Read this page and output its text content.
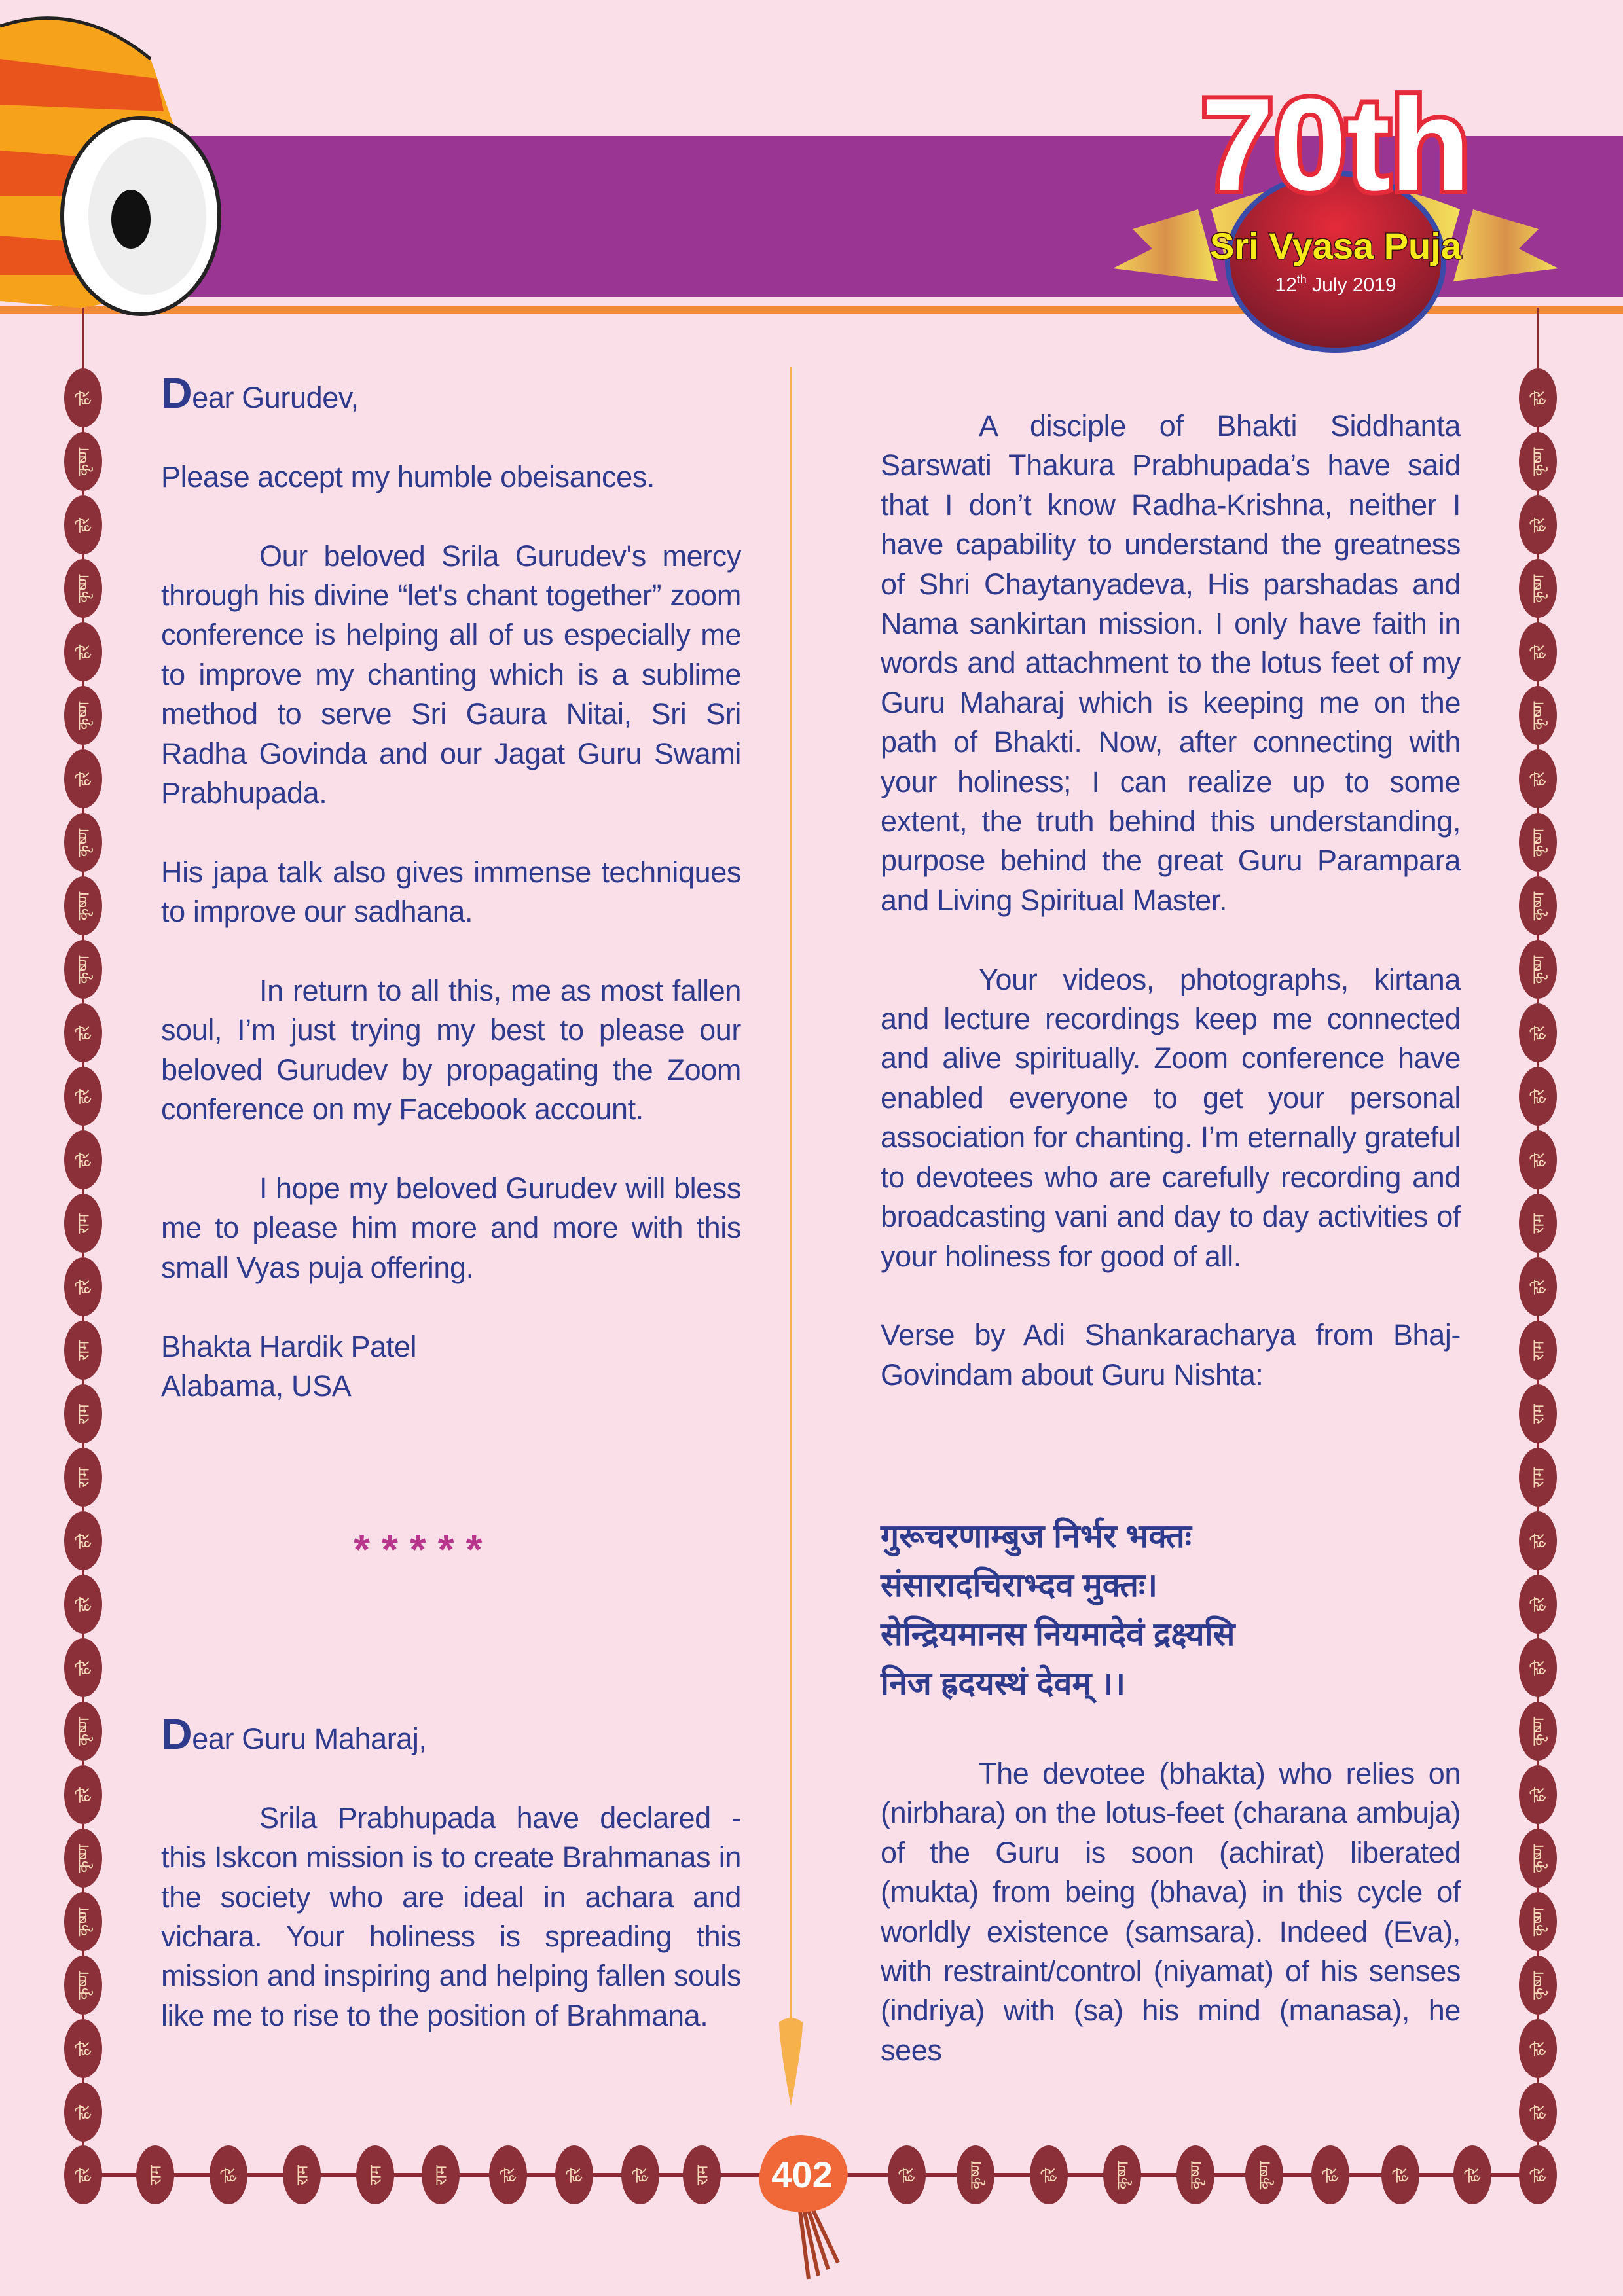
70th
Sri Vyasa Puja
12th July 2019
हरे	हरे
कृष्ण	कृष्ण
हरे	हरे
कृष्ण	कृष्ण
हरे	हरे
कृष्ण	कृष्ण
हरे	हरे
कृष्ण	कृष्ण
कृष्ण	कृष्ण
कृष्ण	कृष्ण
हरे	हरे
हरे	हरे
हरे	हरे
राम	राम
हरे	हरे
राम	राम
राम	राम
राम	राम
हरे	हरे
हरे	हरे
हरे	हरे
कृष्ण	कृष्ण
हरे	हरे
कृष्ण	कृष्ण
कृष्ण	कृष्ण
कृष्ण	कृष्ण
हरे	हरे
हरे	हरे
हरे	राम	हरे	राम	राम	राम	हरे	हरे	हरे	राम	हरे	कृष्ण	हरे	कृष्ण	कृष्ण	कृष्ण	हरे	हरे	हरे	हरे

Dear Gurudev,

Please accept my humble obeisances.

Our beloved Srila Gurudev's mercy through his divine “let's chant together” zoom conference is helping all of us especially me to improve my chanting which is a sublime method to serve Sri Gaura Nitai, Sri Sri Radha Govinda and our Jagat Guru Swami Prabhupada.

His japa talk also gives immense techniques to improve our sadhana.

In return to all this, me as most fallen soul, I’m just trying my best to please our beloved Gurudev by propagating the Zoom conference on my Facebook account.

I hope my beloved Gurudev will bless me to please him more and more with this small Vyas puja offering.

Bhakta Hardik Patel

Alabama, USA

*****

Dear Guru Maharaj,

Srila Prabhupada have declared - this Iskcon mission is to create Brahmanas in the society who are ideal in achara and vichara. Your holiness is spreading this mission and inspiring and helping fallen souls like me to rise to the position of Brahmana.

A disciple of Bhakti Siddhanta Sarswati Thakura Prabhupada’s have said that I don’t know Radha-Krishna, neither I have capability to understand the greatness of Shri Chaytanyadeva, His parshadas and Nama sankirtan mission. I only have faith in words and attachment to the lotus feet of my Guru Maharaj which is keeping me on the path of Bhakti. Now, after connecting with your holiness; I can realize up to some extent, the truth behind this understanding, purpose behind the great Guru Parampara and Living Spiritual Master.

Your videos, photographs, kirtana and lecture recordings keep me connected and alive spiritually. Zoom conference have enabled everyone to get your personal association for chanting. I’m eternally grateful to devotees who are carefully recording and broadcasting vani and day to day activities of your holiness for good of all.

Verse by Adi Shankaracharya from Bhaj-Govindam about Guru Nishta:

गुरूचरणाम्बुज निर्भर भक्तः
संसारादचिराभ्दव मुक्तः।
सेन्द्रियमानस नियमादेवं द्रक्ष्यसि
निज ह्रदयस्थं देवम् ।।

The devotee (bhakta) who relies on (nirbhara) on the lotus-feet (charana ambuja) of the Guru is soon (achirat) liberated (mukta) from being (bhava) in this cycle of worldly existence (samsara). Indeed (Eva), with restraint/control (niyamat) of his senses (indriya) with (sa) his mind (manasa), he sees

402
